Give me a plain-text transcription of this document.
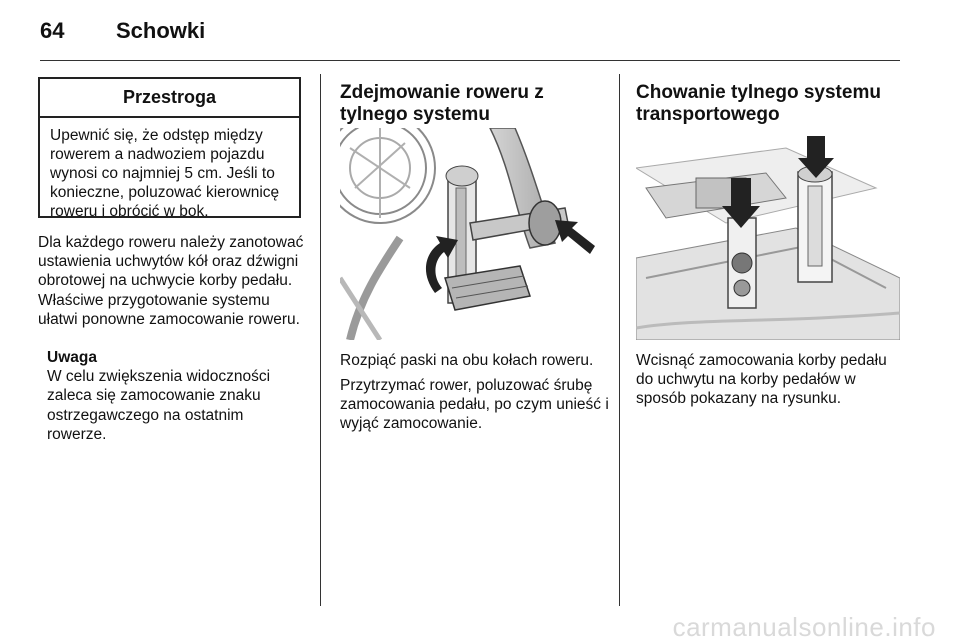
64 Schowki
Przestroga
Upewnić się, że odstęp między rowerem a nadwoziem pojazdu wynosi co najmniej 5 cm. Jeśli to konieczne, poluzować kierownicę roweru i obrócić w bok.
Dla każdego roweru należy zanotować ustawienia uchwytów kół oraz dźwigni obrotowej na uchwycie korby pedału. Właściwe przygotowanie systemu ułatwi ponowne zamocowanie roweru.
Uwaga
W celu zwiększenia widoczności zaleca się zamocowanie znaku ostrzegawczego na ostatnim rowerze.
Zdejmowanie roweru z tylnego systemu
Rozpiąć paski na obu kołach roweru.
Przytrzymać rower, poluzować śrubę zamocowania pedału, po czym unieść i wyjąć zamocowanie.
Chowanie tylnego systemu transportowego
Wcisnąć zamocowania korby pedału do uchwytu na korby pedałów w sposób pokazany na rysunku.
carmanualsonline.info
